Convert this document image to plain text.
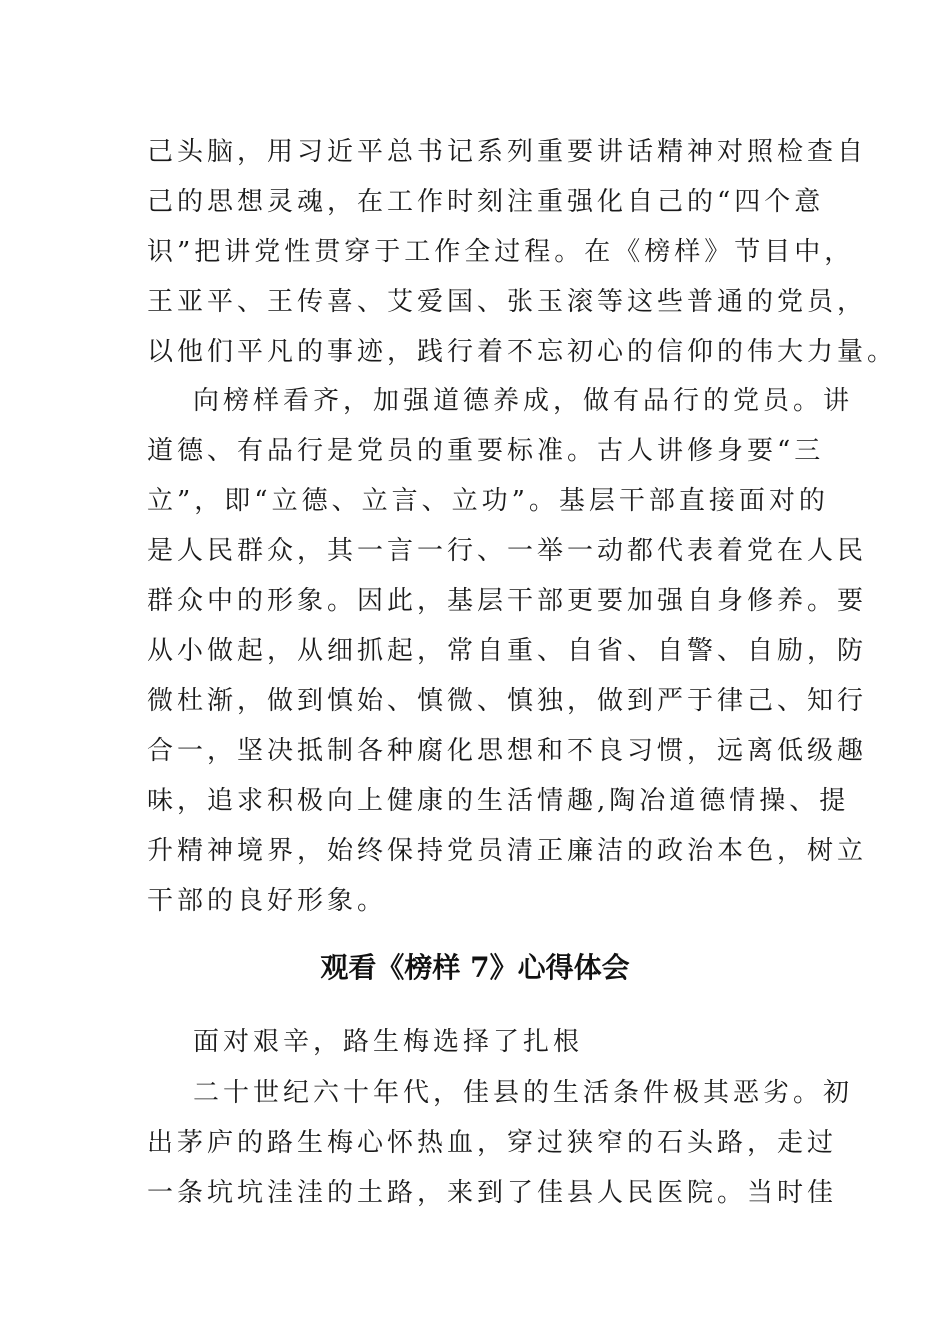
己头脑，用习近平总书记系列重要讲话精神对照检查自
己的思想灵魂，在工作时刻注重强化自己的“四个意
识”把讲党性贯穿于工作全过程。在《榜样》节目中，
王亚平、王传喜、艾爱国、张玉滚等这些普通的党员，
以他们平凡的事迹，践行着不忘初心的信仰的伟大力量。
向榜样看齐，加强道德养成，做有品行的党员。讲
道德、有品行是党员的重要标准。古人讲修身要“三
立”，即“立德、立言、立功”。基层干部直接面对的
是人民群众，其一言一行、一举一动都代表着党在人民
群众中的形象。因此，基层干部更要加强自身修养。要
从小做起，从细抓起，常自重、自省、自警、自励，防
微杜渐，做到慎始、慎微、慎独，做到严于律己、知行
合一，坚决抵制各种腐化思想和不良习惯，远离低级趣
味，追求积极向上健康的生活情趣,陶冶道德情操、提
升精神境界，始终保持党员清正廉洁的政治本色，树立
干部的良好形象。
观看《榜样 7》心得体会
面对艰辛，路生梅选择了扎根
二十世纪六十年代，佳县的生活条件极其恶劣。初
出茅庐的路生梅心怀热血，穿过狭窄的石头路，走过
一条坑坑洼洼的土路，来到了佳县人民医院。当时佳
